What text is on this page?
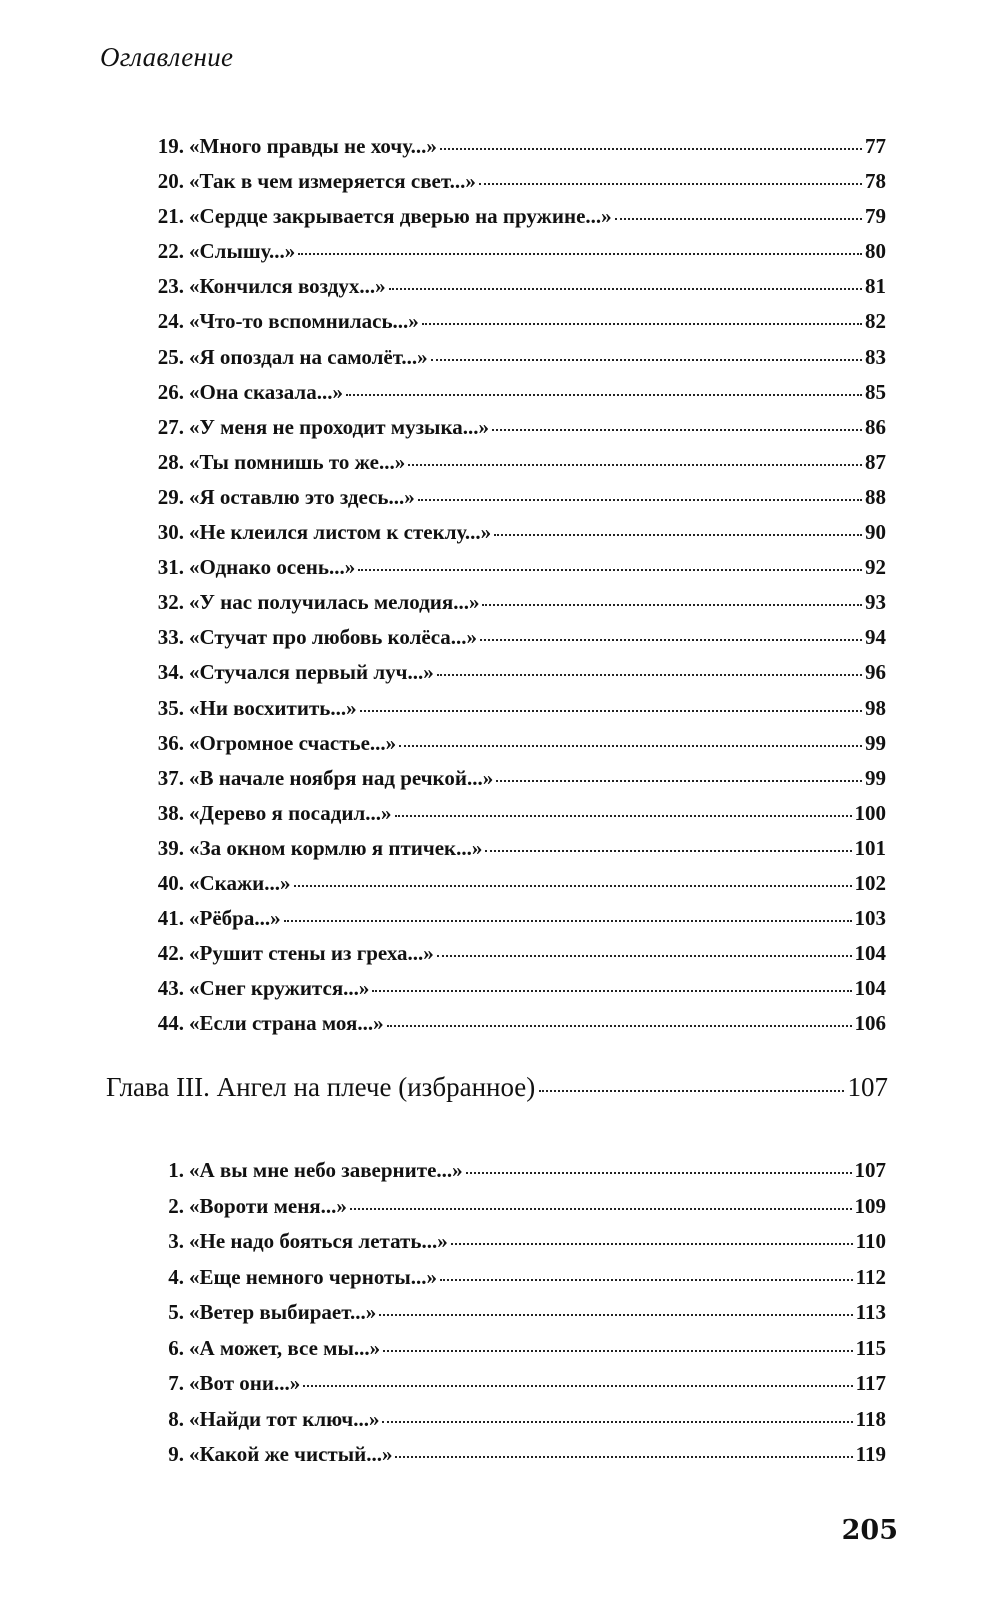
Оглавление
19. «Много правды не хочу...»	77
20. «Так в чем измеряется свет...»	78
21. «Сердце закрывается дверью на пружине...»	79
22. «Слышу...»	80
23. «Кончился воздух...»	81
24. «Что-то вспомнилась...»	82
25. «Я опоздал на самолёт...»	83
26. «Она сказала...»	85
27. «У меня не проходит музыка...»	86
28. «Ты помнишь то же...»	87
29. «Я оставлю это здесь...»	88
30. «Не клеился листом к стеклу...»	90
31. «Однако осень...»	92
32. «У нас получилась мелодия...»	93
33. «Стучат про любовь колёса...»	94
34. «Стучался первый луч...»	96
35. «Ни восхитить...»	98
36. «Огромное счастье...»	99
37. «В начале ноября над речкой...»	99
38. «Дерево я посадил...»	100
39. «За окном кормлю я птичек...»	101
40. «Скажи...»	102
41. «Рёбра...»	103
42. «Рушит стены из греха...»	104
43. «Снег кружится...»	104
44. «Если страна моя...»	106
Глава III. Ангел на плече (избранное)	107
1. «А вы мне небо заверните...»	107
2. «Вороти меня...»	109
3. «Не надо бояться летать...»	110
4. «Еще немного черноты...»	112
5. «Ветер выбирает...»	113
6. «А может, все мы...»	115
7. «Вот они...»	117
8. «Найди тот ключ...»	118
9. «Какой же чистый...»	119
205
